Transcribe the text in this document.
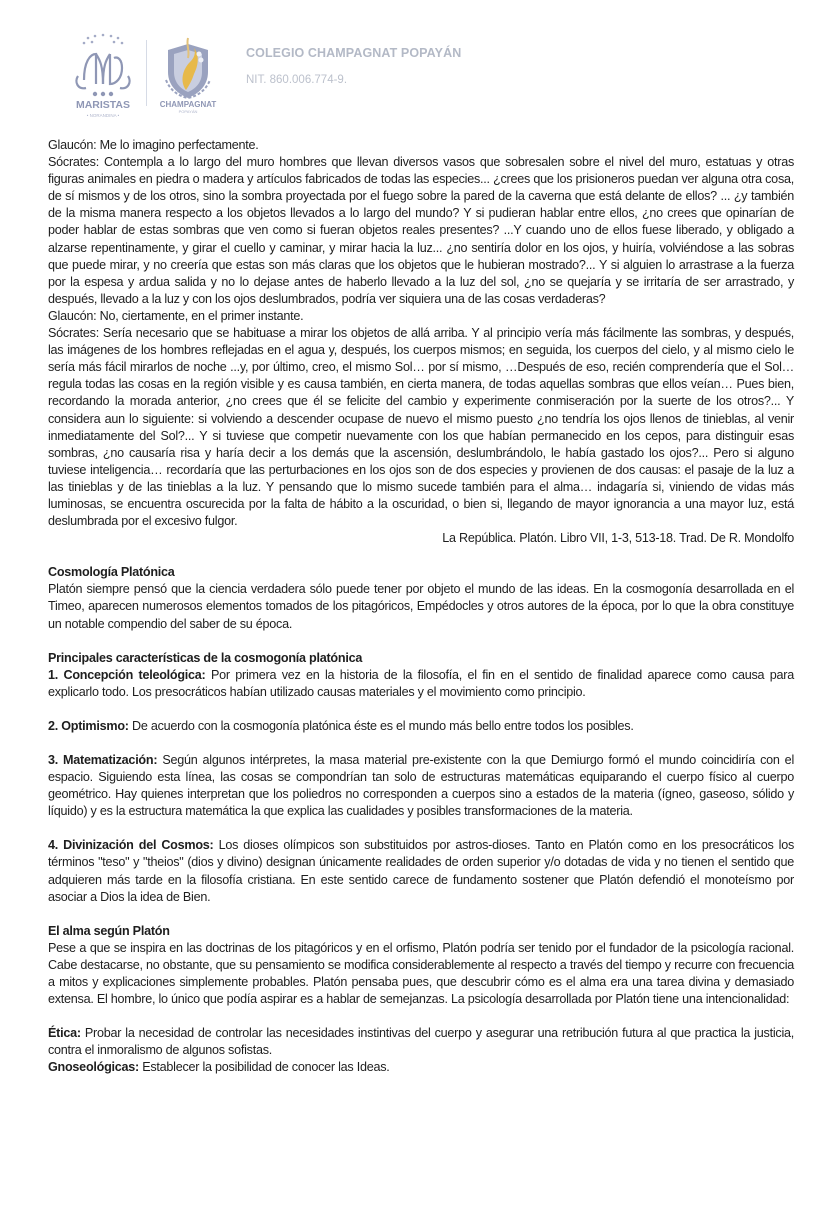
MARISTAS
• NORANDINA •
CHAMPAGNAT
POPAYÁN
COLEGIO CHAMPAGNAT POPAYÁN
NIT. 860.006.774-9.

Glaucón: Me lo imagino perfectamente.

Sócrates: Contempla a lo largo del muro hombres que llevan diversos vasos que sobresalen sobre el nivel del muro, estatuas y otras figuras animales en piedra o madera y artículos fabricados de todas las especies... ¿crees que los prisioneros puedan ver alguna otra cosa, de sí mismos y de los otros, sino la sombra proyectada por el fuego sobre la pared de la caverna que está delante de ellos? ... ¿y también de la misma manera respecto a los objetos llevados a lo largo del mundo? Y si pudieran hablar entre ellos, ¿no crees que opinarían de poder hablar de estas sombras que ven como si fueran objetos reales presentes? ...Y cuando uno de ellos fuese liberado, y obligado a alzarse repentinamente, y girar el cuello y caminar, y mirar hacia la luz... ¿no sentiría dolor en los ojos, y huiría, volviéndose a las sobras que puede mirar, y no creería que estas son más claras que los objetos que le hubieran mostrado?... Y si alguien lo arrastrase a la fuerza por la espesa y ardua salida y no lo dejase antes de haberlo llevado a la luz del sol, ¿no se quejaría y se irritaría de ser arrastrado, y después, llevado a la luz y con los ojos deslumbrados, podría ver siquiera una de las cosas verdaderas?

Glaucón: No, ciertamente, en el primer instante.

Sócrates: Sería necesario que se habituase a mirar los objetos de allá arriba. Y al principio vería más fácilmente las sombras, y después, las imágenes de los hombres reflejadas en el agua y, después, los cuerpos mismos; en seguida, los cuerpos del cielo, y al mismo cielo le sería más fácil mirarlos de noche ...y, por último, creo, el mismo Sol… por sí mismo, …Después de eso, recién comprendería que el Sol… regula todas las cosas en la región visible y es causa también, en cierta manera, de todas aquellas sombras que ellos veían… Pues bien, recordando la morada anterior, ¿no crees que él se felicite del cambio y experimente conmiseración por la suerte de los otros?... Y considera aun lo siguiente: si volviendo a descender ocupase de nuevo el mismo puesto ¿no tendría los ojos llenos de tinieblas, al venir inmediatamente del Sol?... Y si tuviese que competir nuevamente con los que habían permanecido en los cepos, para distinguir esas sombras, ¿no causaría risa y haría decir a los demás que la ascensión, deslumbrándolo, le había gastado los ojos?... Pero si alguno tuviese inteligencia… recordaría que las perturbaciones en los ojos son de dos especies y provienen de dos causas: el pasaje de la luz a las tinieblas y de las tinieblas a la luz. Y pensando que lo mismo sucede también para el alma… indagaría si, viniendo de vidas más luminosas, se encuentra oscurecida por la falta de hábito a la oscuridad, o bien si, llegando de mayor ignorancia a una mayor luz, está deslumbrada por el excesivo fulgor.

La República. Platón. Libro VII, 1-3, 513-18. Trad. De R. Mondolfo

Cosmología Platónica

Platón siempre pensó que la ciencia verdadera sólo puede tener por objeto el mundo de las ideas. En la cosmogonía desarrollada en el Timeo, aparecen numerosos elementos tomados de los pitagóricos, Empédocles y otros autores de la época, por lo que la obra constituye un notable compendio del saber de su época.

Principales características de la cosmogonía platónica

1. Concepción teleológica: Por primera vez en la historia de la filosofía, el fin en el sentido de finalidad aparece como causa para explicarlo todo. Los presocráticos habían utilizado causas materiales y el movimiento como principio.

2. Optimismo: De acuerdo con la cosmogonía platónica éste es el mundo más bello entre todos los posibles.

3. Matematización: Según algunos intérpretes, la masa material pre-existente con la que Demiurgo formó el mundo coincidiría con el espacio. Siguiendo esta línea, las cosas se compondrían tan solo de estructuras matemáticas equiparando el cuerpo físico al cuerpo geométrico. Hay quienes interpretan que los poliedros no corresponden a cuerpos sino a estados de la materia (ígneo, gaseoso, sólido y líquido) y es la estructura matemática la que explica las cualidades y posibles transformaciones de la materia.

4. Divinización del Cosmos: Los dioses olímpicos son substituidos por astros-dioses. Tanto en Platón como en los presocráticos los términos "teso" y "theios" (dios y divino) designan únicamente realidades de orden superior y/o dotadas de vida y no tienen el sentido que adquieren más tarde en la filosofía cristiana. En este sentido carece de fundamento sostener que Platón defendió el monoteísmo por asociar a Dios la idea de Bien.

El alma según Platón

Pese a que se inspira en las doctrinas de los pitagóricos y en el orfismo, Platón podría ser tenido por el fundador de la psicología racional. Cabe destacarse, no obstante, que su pensamiento se modifica considerablemente al respecto a través del tiempo y recurre con frecuencia a mitos y explicaciones simplemente probables. Platón pensaba pues, que descubrir cómo es el alma era una tarea divina y demasiado extensa. El hombre, lo único que podía aspirar es a hablar de semejanzas. La psicología desarrollada por Platón tiene una intencionalidad:

Ética: Probar la necesidad de controlar las necesidades instintivas del cuerpo y asegurar una retribución futura al que practica la justicia, contra el inmoralismo de algunos sofistas.

Gnoseológicas: Establecer la posibilidad de conocer las Ideas.
